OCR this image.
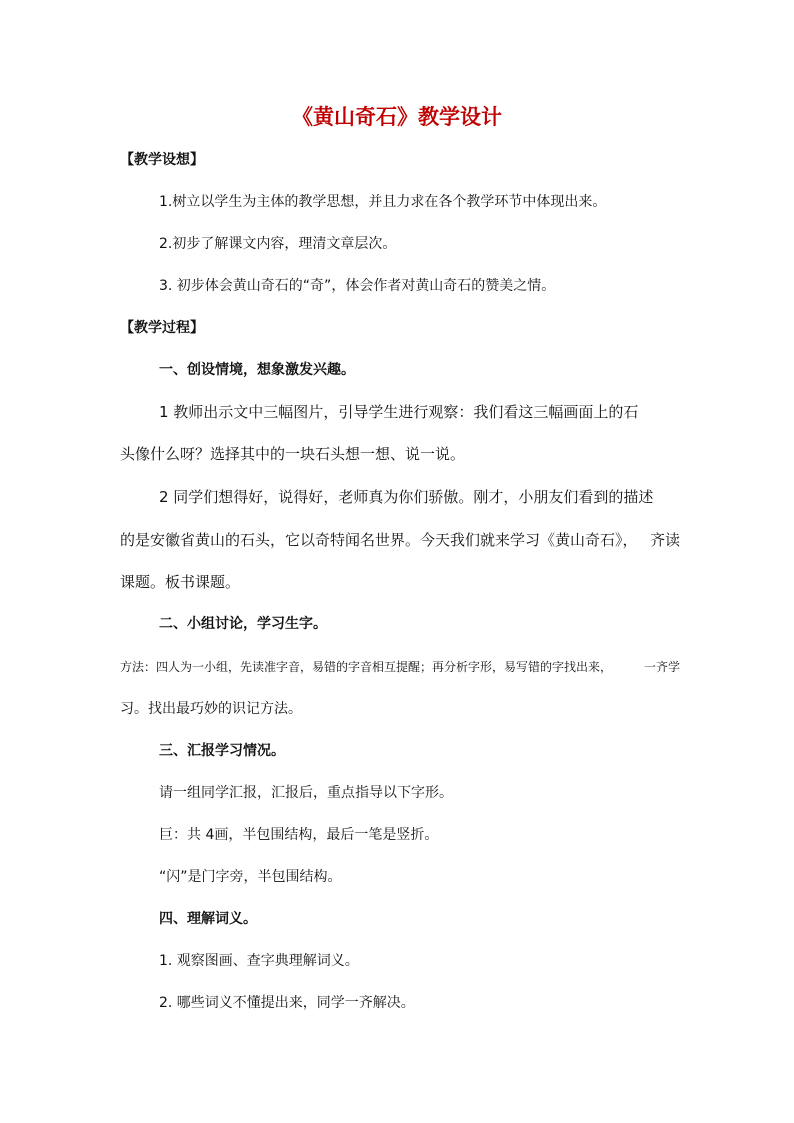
《黄山奇石》教学设计
【教学设想】
1.树立以学生为主体的教学思想，并且力求在各个教学环节中体现出来。
2.初步了解课文内容，理清文章层次。
3. 初步体会黄山奇石的“奇”，体会作者对黄山奇石的赞美之情。
【教学过程】
一、创设情境，想象激发兴趣。
1 教师出示文中三幅图片，引导学生进行观察：我们看这三幅画面上的石
头像什么呀？选择其中的一块石头想一想、说一说。
2 同学们想得好，说得好，老师真为你们骄傲。刚才，小朋友们看到的描述
的是安徽省黄山的石头，它以奇特闻名世界。今天我们就来学习《黄山奇石》， 齐读
课题。板书课题。
二、小组讨论，学习生字。
方法：四人为一小组，先读准字音，易错的字音相互提醒；再分析字形，易写错的字找出来，	一齐学
习。找出最巧妙的识记方法。
三、汇报学习情况。
请一组同学汇报，汇报后，重点指导以下字形。
巨：共 4画，半包围结构，最后一笔是竖折。
“闪”是门字旁，半包围结构。
四、理解词义。
1. 观察图画、查字典理解词义。
2. 哪些词义不懂提出来，同学一齐解决。
